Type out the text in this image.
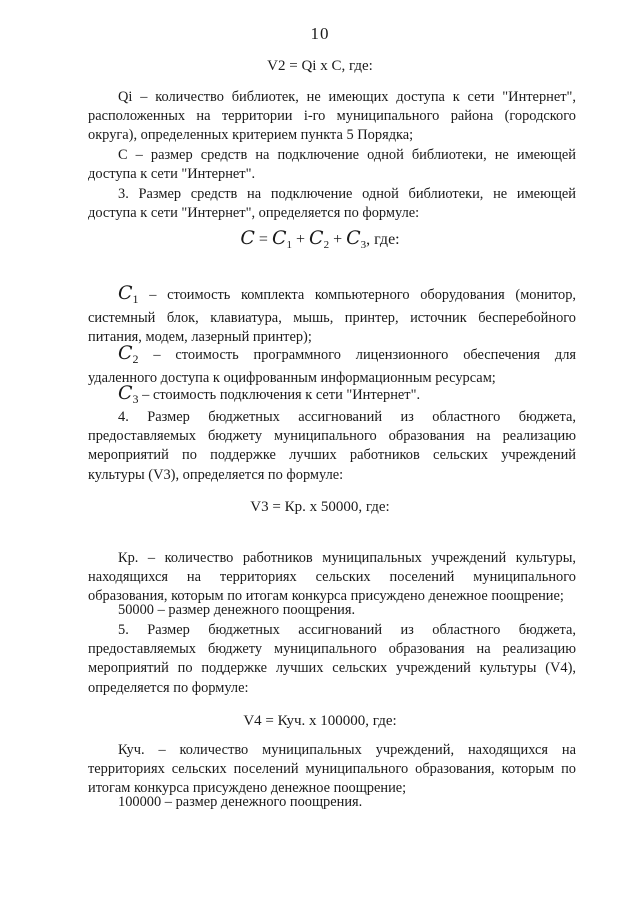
10
V2 = Qi х С, где:

Qi – количество библиотек, не имеющих доступа к сети "Интернет", расположенных на территории i-го муниципального района (городского округа), определенных критерием пункта 5 Порядка;

С – размер средств на подключение одной библиотеки, не имеющей доступа к сети "Интернет".

3. Размер средств на подключение одной библиотеки, не имеющей доступа к сети "Интернет", определяется по формуле:

$C = C_1 + C_2 + C_3$, где:

$C_1$ – стоимость комплекта компьютерного оборудования (монитор, системный блок, клавиатура, мышь, принтер, источник бесперебойного питания, модем, лазерный принтер);

$C_2$ – стоимость программного лицензионного обеспечения для удаленного доступа к оцифрованным информационным ресурсам;

$C_3$ – стоимость подключения к сети "Интернет".

4. Размер бюджетных ассигнований из областного бюджета, предоставляемых бюджету муниципального образования на реализацию мероприятий по поддержке лучших работников сельских учреждений культуры (V3), определяется по формуле:

V3 = Кр. х 50000, где:

Кр. – количество работников муниципальных учреждений культуры, находящихся на территориях сельских поселений муниципального образования, которым по итогам конкурса присуждено денежное поощрение;

50000 – размер денежного поощрения.

5. Размер бюджетных ассигнований из областного бюджета, предоставляемых бюджету муниципального образования на реализацию мероприятий по поддержке лучших сельских учреждений культуры (V4), определяется по формуле:

V4 = Куч. х 100000, где:

Куч. – количество муниципальных учреждений, находящихся на территориях сельских поселений муниципального образования, которым по итогам конкурса присуждено денежное поощрение;

100000 – размер денежного поощрения.
